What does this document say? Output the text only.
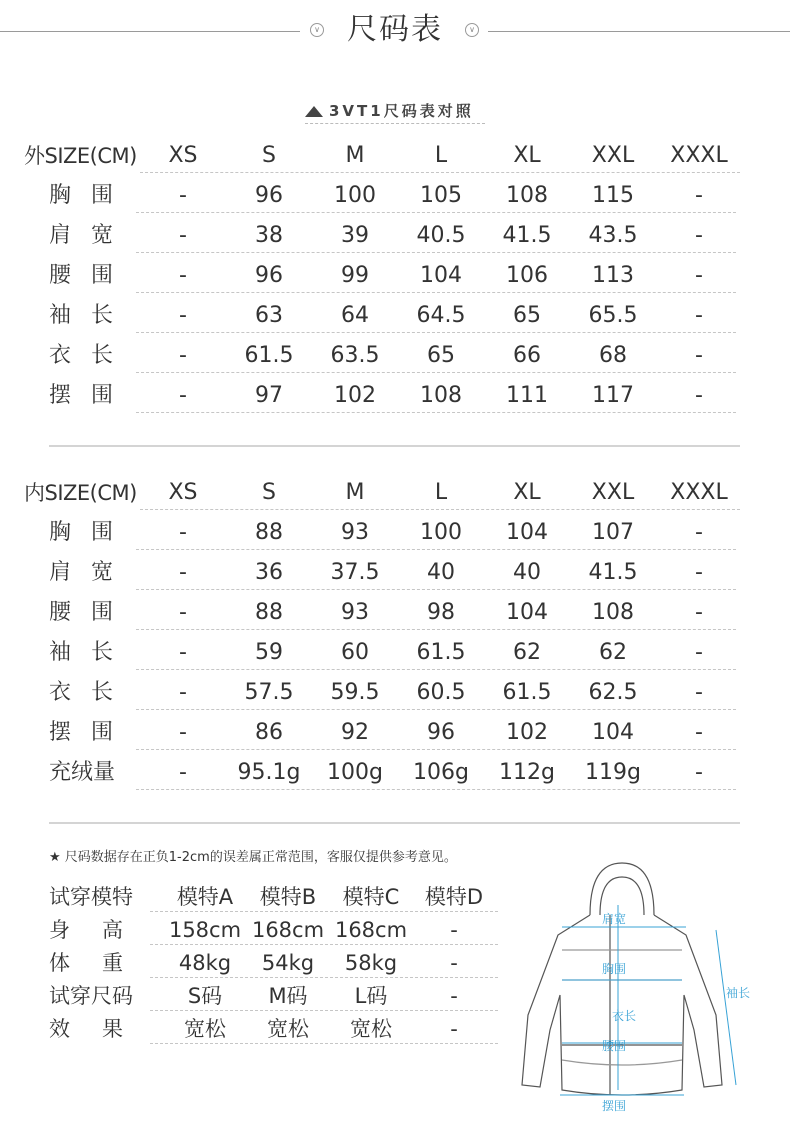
∨ 尺码表	∨
3VT1尺码表对照
外SIZE(CM)	XS	S	M	L	XL	XXL	XXXL
胸围	-	96	100	105	108	115	-
肩宽	-	38	39	40.5	41.5	43.5	-
腰围	-	96	99	104	106	113	-
袖长	-	63	64	64.5	65	65.5	-
衣长	-	61.5	63.5	65	66	68	-
摆围	-	97	102	108	111	117	-
内SIZE(CM)	XS	S	M	L	XL	XXL	XXXL
胸围	-	88	93	100	104	107	-
肩宽	-	36	37.5	40	40	41.5	-
腰围	-	88	93	98	104	108	-
袖长	-	59	60	61.5	62	62	-
衣长	-	57.5	59.5	60.5	61.5	62.5	-
摆围	-	86	92	96	102	104	-
充绒量	-	95.1g	100g	106g	112g	119g	-
★ 尺码数据存在正负1-2cm的误差属正常范围，客服仅提供参考意见。
试穿模特	模特A	模特B	模特C	模特D
身高 158cm 168cm 168cm	-
体重	48kg	54kg	58kg	-
试穿尺码	S码	M码	L码	-
效果	宽松	宽松	宽松	-
肩宽
胸围
衣长
腰围
袖长
摆围
